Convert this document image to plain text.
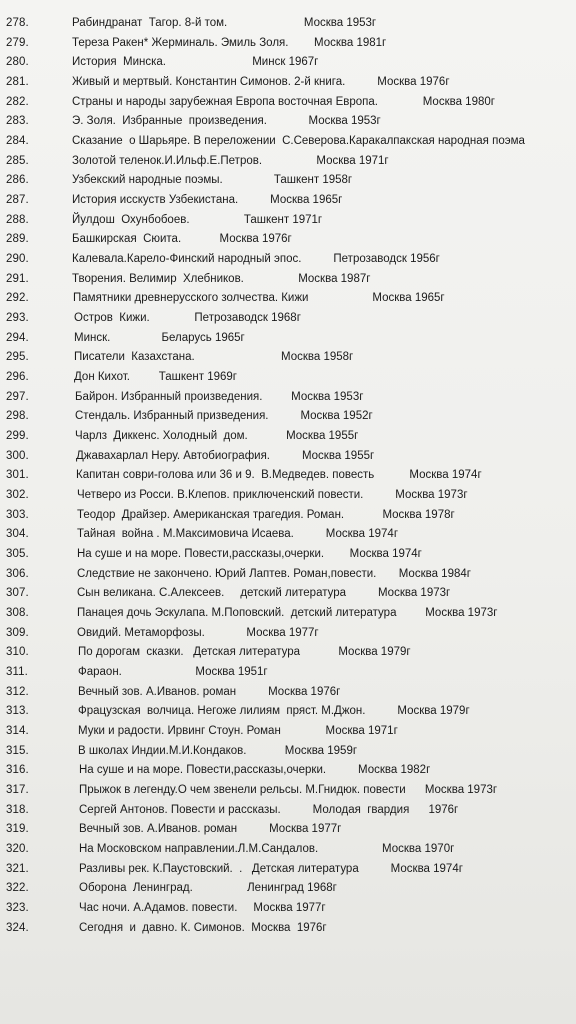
278.	Рабиндранат  Тагор. 8-й том.                        Москва 1953г
279.	Тереза Ракен* Жерминаль. Эмиль Золя.        Москва 1981г
280.	История  Минска.                           Минск 1967г
281.	Живый и мертвый. Константин Симонов. 2-й книга.          Москва 1976г
282.	Страны и народы зарубежная Европа восточная Европа.              Москва 1980г
283.	Э. Золя.  Избранные  произведения.             Москва 1953г
284.	Сказание  о Шарьяре. В переложении  С.Северова.Каракалпакская народная поэма
285.	Золотой теленок.И.Ильф.Е.Петров.                 Москва 1971г
286.	Узбекский народные поэмы.                Ташкент 1958г
287.	История исскуств Узбекистана.          Москва 1965г
288.	Йулдош  Охунбобоев.                 Ташкент 1971г
289.	Башкирская  Сюита.            Москва 1976г
290.	Калевала.Карело-Финский народный эпос.          Петрозаводск 1956г
291.	Творения. Велимир  Хлебников.                 Москва 1987г
292.	Памятники древнерусского золчества. Кижи                    Москва 1965г
293.	Остров  Кижи.              Петрозаводск 1968г
294.	Минск.                Беларусь 1965г
295.	Писатели  Казахстана.                           Москва 1958г
296.	Дон Кихот.         Ташкент 1969г
297.	Байрон. Избранный произведения.         Москва 1953г
298.	Стендаль. Избранный призведения.          Москва 1952г
299.	Чарлз  Диккенс. Холодный  дом.            Москва 1955г
300.	Джавахарлал Неру. Автобиография.          Москва 1955г
301.	Капитан соври-голова или 36 и 9.  В.Медведев. повесть           Москва 1974г
302.	Четверо из Росси. В.Клепов. приключенский повести.          Москва 1973г
303.	Теодор  Драйзер. Американская трагедия. Роман.            Москва 1978г
304.	Тайная  война . М.Максимовича Исаева.          Москва 1974г
305.	На суше и на море. Повести,рассказы,очерки.        Москва 1974г
306.	Следствие не закончено. Юрий Лаптев. Роман,повести.       Москва 1984г
307.	Сын великана. С.Алексеев.     детский литература          Москва 1973г
308.	Панацея дочь Эскулапа. М.Поповский.  детский литература         Москва 1973г
309.	Овидий. Метаморфозы.             Москва 1977г
310.	По дорогам  сказки.   Детская литература            Москва 1979г
311.	Фараон.                       Москва 1951г
312.	Вечный зов. А.Иванов. роман          Москва 1976г
313.	Фрацузская  волчица. Негоже лилиям  пряст. М.Джон.          Москва 1979г
314.	Муки и радости. Ирвинг Стоун. Роман              Москва 1971г
315.	В школах Индии.М.И.Кондаков.            Москва 1959г
316.	На суше и на море. Повести,рассказы,очерки.          Москва 1982г
317.	Прыжок в легенду.О чем звенели рельсы. М.Гнидюк. повести      Москва 1973г
318.	Сергей Антонов. Повести и рассказы.          Молодая  гвардия      1976г
319.	Вечный зов. А.Иванов. роман          Москва 1977г
320.	На Московском направлении.Л.М.Сандалов.                    Москва 1970г
321.	Разливы рек. К.Паустовский.  .   Детская литература          Москва 1974г
322.	Оборона  Ленинград.                 Ленинград 1968г
323.	Час ночи. А.Адамов. повести.     Москва 1977г
324.	Сегодня  и  давно. К. Симонов.  Москва  1976г
